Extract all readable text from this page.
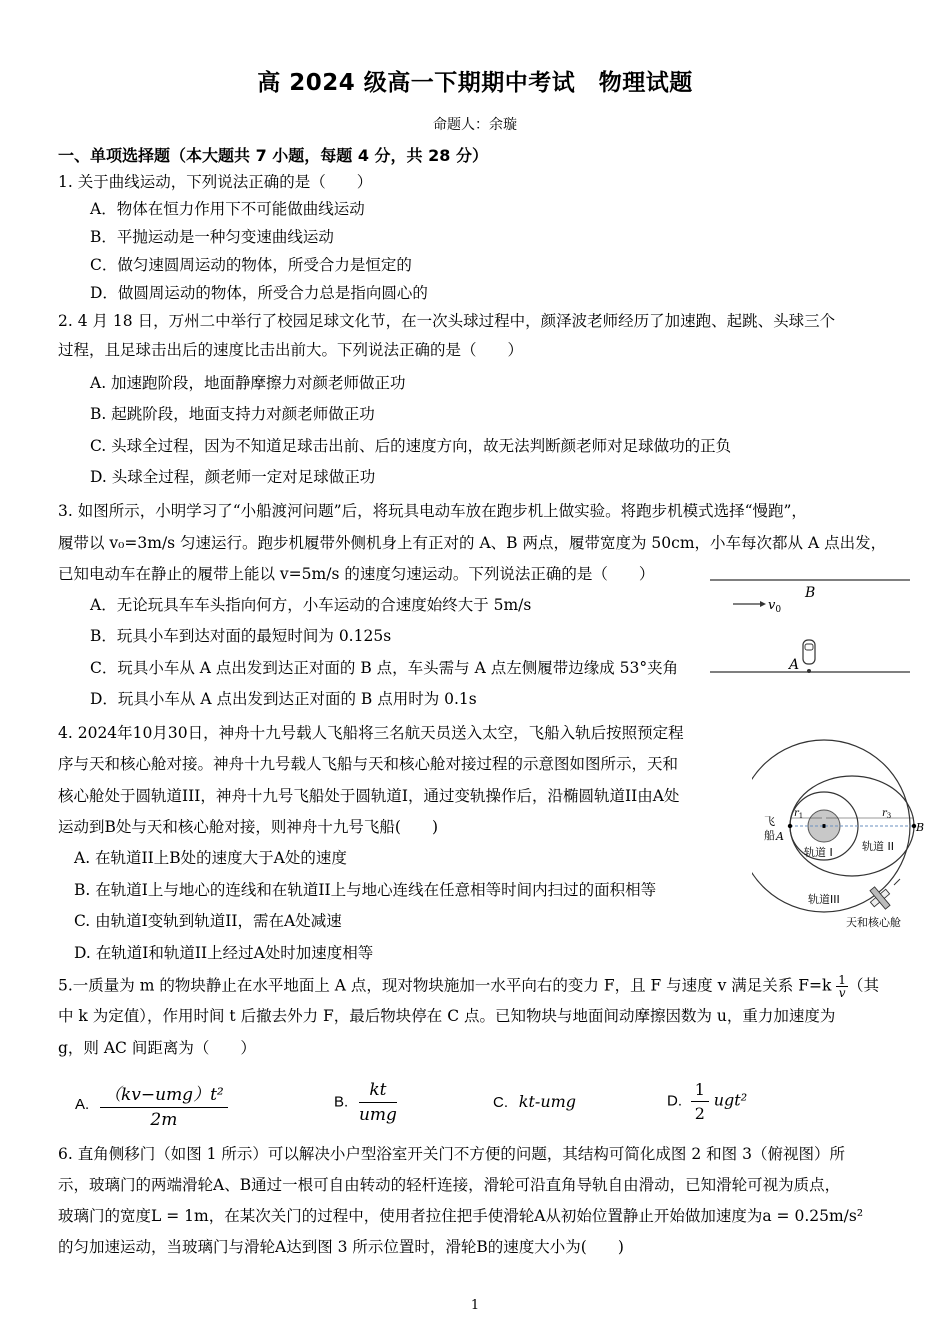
高 2024 级高一下期期中考试　物理试题
命题人：余璇
一、单项选择题（本大题共 7 小题，每题 4 分，共 28 分）
1. 关于曲线运动，下列说法正确的是（　　）
A．物体在恒力作用下不可能做曲线运动
B．平抛运动是一种匀变速曲线运动
C．做匀速圆周运动的物体，所受合力是恒定的
D．做圆周运动的物体，所受合力总是指向圆心的
2. 4 月 18 日，万州二中举行了校园足球文化节，在一次头球过程中，颜泽波老师经历了加速跑、起跳、头球三个
过程，且足球击出后的速度比击出前大。下列说法正确的是（　　）
A. 加速跑阶段，地面静摩擦力对颜老师做正功
B. 起跳阶段，地面支持力对颜老师做正功
C. 头球全过程，因为不知道足球击出前、后的速度方向，故无法判断颜老师对足球做功的正负
D. 头球全过程，颜老师一定对足球做正功
3. 如图所示，小明学习了“小船渡河问题”后，将玩具电动车放在跑步机上做实验。将跑步机模式选择“慢跑”，
履带以 v₀=3m/s 匀速运行。跑步机履带外侧机身上有正对的 A、B 两点，履带宽度为 50cm，小车每次都从 A 点出发，
已知电动车在静止的履带上能以 v=5m/s 的速度匀速运动。下列说法正确的是（　　）
A．无论玩具车车头指向何方，小车运动的合速度始终大于 5m/s
B．玩具小车到达对面的最短时间为 0.125s
C．玩具小车从 A 点出发到达正对面的 B 点，车头需与 A 点左侧履带边缘成 53°夹角
D．玩具小车从 A 点出发到达正对面的 B 点用时为 0.1s
B
$v_0$
A
4. 2024年10月30日，神舟十九号载人飞船将三名航天员送入太空，飞船入轨后按照预定程
序与天和核心舱对接。神舟十九号载人飞船与天和核心舱对接过程的示意图如图所示，天和
核心舱处于圆轨道III，神舟十九号飞船处于圆轨道I，通过变轨操作后，沿椭圆轨道II由A处
运动到B处与天和核心舱对接，则神舟十九号飞船(　　)
A. 在轨道II上B处的速度大于A处的速度
B. 在轨道I上与地心的连线和在轨道II上与地心连线在任意相等时间内扫过的面积相等
C. 由轨道I变轨到轨道II，需在A处减速
D. 在轨道I和轨道II上经过A处时加速度相等
飞
船 A
B
$r_1$	$r_3$
轨道 I	轨道 II
轨道III
天和核心舱
5.一质量为 m 的物块静止在水平地面上 A 点，现对物块施加一水平向右的变力 F，且 F 与速度 v 满足关系 $F=k \frac{1}{v}$ （其
中 k 为定值），作用时间 t 后撤去外力 F，最后物块停在 C 点。已知物块与地面间动摩擦因数为 u，重力加速度为
g，则 AC 间距离为（　　）
A. $\frac{\text{（kv−umg）t²}}{2m}$	B. $\frac{kt}{\text{umg}}$	C. kt-umg	D. $\frac{1}{2} ugt^2$
6. 直角侧移门（如图 1 所示）可以解决小户型浴室开关门不方便的问题，其结构可简化成图 2 和图 3（俯视图）所
示，玻璃门的两端滑轮A、B通过一根可自由转动的轻杆连接，滑轮可沿直角导轨自由滑动，已知滑轮可视为质点，
玻璃门的宽度L = 1m，在某次关门的过程中，使用者拉住把手使滑轮A从初始位置静止开始做加速度为a = 0.25m/s²
的匀加速运动，当玻璃门与滑轮A达到图 3 所示位置时，滑轮B的速度大小为(　　)
1
